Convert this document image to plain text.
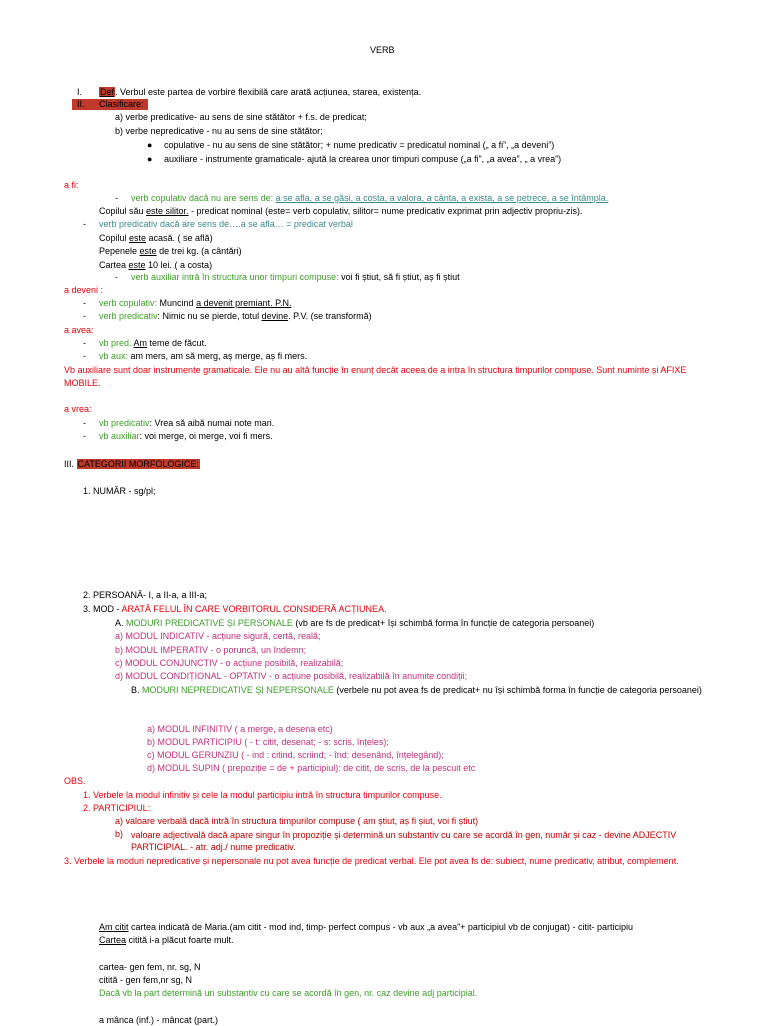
VERB
I. Def. Verbul este partea de vorbire flexibilă care arată acțiunea, starea, existența.
II. Clasificare:
a) verbe predicative- au sens de sine stătător + f.s. de predicat;
b) verbe nepredicative - nu au sens de sine stătător;
● copulative - nu au sens de sine stătător; + nume predicativ = predicatul nominal („ a fi”, „a deveni”)
● auxiliare - instrumente gramaticale- ajută la crearea unor timpuri compuse („a fi”, „a avea”, „ a vrea”)
a fi:
- verb copulativ dacă nu are sens de: a se afla, a se găsi, a costa, a valora, a cânta, a exista, a se petrece, a se întâmpla.
Copilul său este silitor. - predicat nominal (este= verb copulativ, silitor= nume predicativ exprimat prin adjectiv propriu-zis).
- verb predicativ dacă are sens de….a se afla… = predicat verbal
Copilul este acasă. ( se află)
Pepenele este de trei kg. (a cântări)
Cartea este 10 lei. ( a costa)
- verb auxiliar intră în structura unor timpuri compuse: voi fi știut, să fi știut, aș fi știut
a deveni :
- verb copulativ: Muncind a devenit premiant. P.N.
- verb predicativ: Nimic nu se pierde, totul devine. P.V. (se transformă)
a avea:
- vb pred. Am teme de făcut.
- vb aux: am mers, am să merg, aș merge, aș fi mers.
Vb auxiliare sunt doar instrumente gramaticale. Ele nu au altă funcție în enunț decât aceea de a intra în structura timpurilor compuse. Sunt numinte și AFIXE MOBILE.
a vrea:
- vb predicativ: Vrea să aibă numai note mari.
- vb auxiliar: voi merge, oi merge, voi fi mers.
III. CATEGORII MORFOLOGICE:
1. NUMĂR - sg/pl;
2. PERSOANĂ- I, a II-a, a III-a;
3. MOD - ARATĂ FELUL ÎN CARE VORBITORUL CONSIDERĂ ACȚIUNEA.
A. MODURI PREDICATIVE ȘI PERSONALE (vb are fs de predicat+ își schimbă forma în funcție de categoria persoanei)
a) MODUL INDICATIV - acțiune sigură, certă, reală;
b) MODUL IMPERATIV - o poruncă, un îndemn;
c) MODUL CONJUNCTIV - o acțiune posibilă, realizabilă;
d) MODUL CONDIȚIONAL - OPTATIV - o acțiune posibilă, realizabilă în anumite condiții;
B. MODURI NEPREDICATIVE ȘI NEPERSONALE (verbele nu pot avea fs de predicat+ nu își schimbă forma în funcție de categoria persoanei)
a) MODUL INFINITIV ( a merge, a desena etc)
b) MODUL PARTICIPIU ( - t: citit, desenat; - s: scris, înțeles);
c) MODUL GERUNZIU ( - ind : citind, scriind; - înd: desenând, înțelegând);
d) MODUL SUPIN ( prepoziție = de + participiul): de citit, de scris, de la pescuit etc
OBS.
1. Verbele la modul infinitiv și cele la modul participiu intră în structura timpurilor compuse.
2. PARTICIPIUL:
a) valoare verbală dacă intră în structura timpurilor compuse ( am știut, aș fi șiut, voi fi știut)
b) valoare adjectivală dacă apare singur în propoziție și determină un substantiv cu care se acordă în gen, număr și caz - devine ADJECTIV PARTICIPIAL. - atr. adj./ nume predicativ.
3. Verbele la moduri nepredicative și nepersonale nu pot avea funcție de predicat verbal. Ele pot avea fs de: subiect, nume predicativ, atribut, complement.
Am citit cartea indicată de Maria.(am citit - mod ind, timp- perfect compus - vb aux „a avea”+ participiul vb de conjugat) - citit- participiu
Cartea citită i-a plăcut foarte mult.
cartea- gen fem, nr. sg, N
citită - gen fem,nr sg, N
Dacă vb la part determină un substantiv cu care se acordă în gen, nr. caz devine adj participial.
a mânca (inf.) - mâncat (part.)
